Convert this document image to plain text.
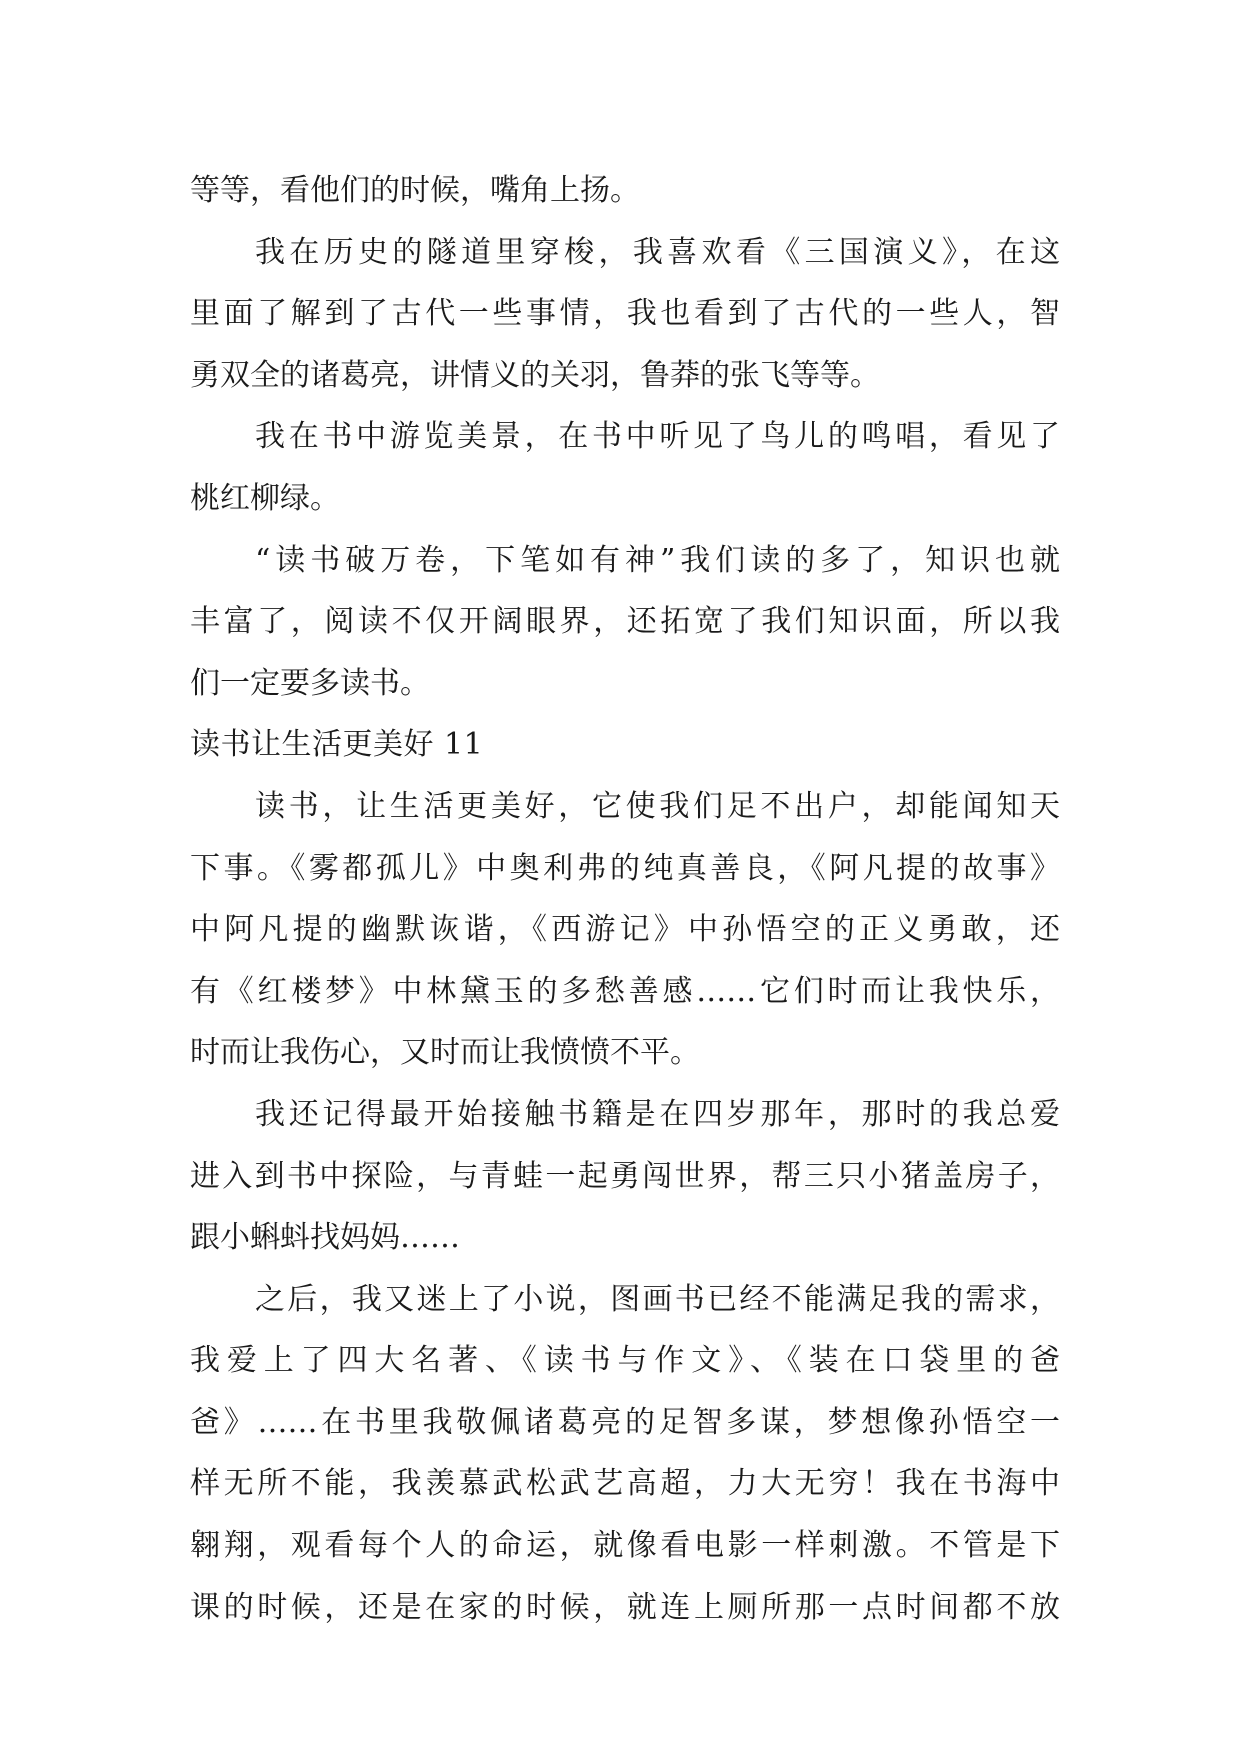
等等，看他们的时候，嘴角上扬。
我在历史的隧道里穿梭，我喜欢看《三国演义》，在这
里面了解到了古代一些事情，我也看到了古代的一些人，智
勇双全的诸葛亮，讲情义的关羽，鲁莽的张飞等等。
我在书中游览美景，在书中听见了鸟儿的鸣唱，看见了
桃红柳绿。
“读书破万卷，下笔如有神”我们读的多了，知识也就
丰富了，阅读不仅开阔眼界，还拓宽了我们知识面，所以我
们一定要多读书。
读书让生活更美好 11
读书，让生活更美好，它使我们足不出户，却能闻知天
下事。《雾都孤儿》中奥利弗的纯真善良，《阿凡提的故事》
中阿凡提的幽默诙谐，《西游记》中孙悟空的正义勇敢，还
有《红楼梦》中林黛玉的多愁善感……它们时而让我快乐，
时而让我伤心，又时而让我愤愤不平。
我还记得最开始接触书籍是在四岁那年，那时的我总爱
进入到书中探险，与青蛙一起勇闯世界，帮三只小猪盖房子，
跟小蝌蚪找妈妈……
之后，我又迷上了小说，图画书已经不能满足我的需求，
我爱上了四大名著、《读书与作文》、《装在口袋里的爸
爸》……在书里我敬佩诸葛亮的足智多谋，梦想像孙悟空一
样无所不能，我羡慕武松武艺高超，力大无穷！我在书海中
翱翔，观看每个人的命运，就像看电影一样刺激。不管是下
课的时候，还是在家的时候，就连上厕所那一点时间都不放
